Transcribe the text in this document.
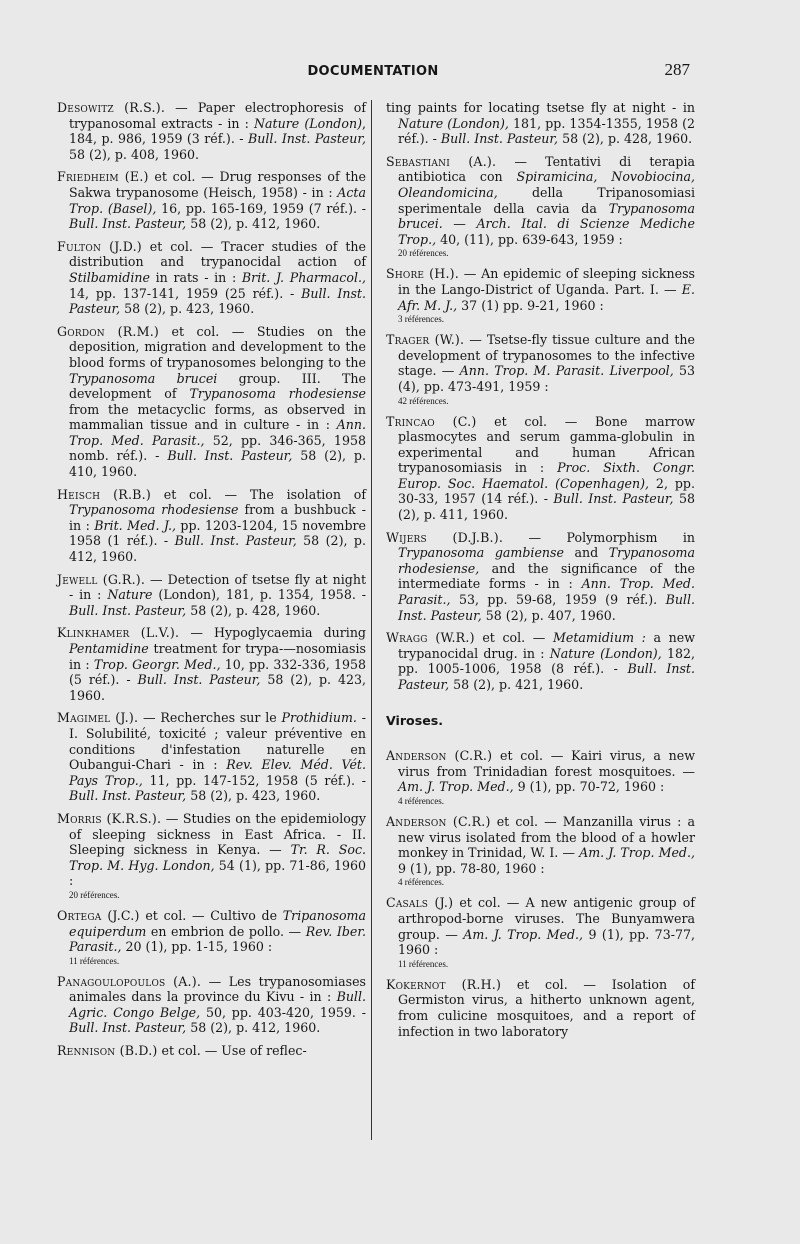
DOCUMENTATION	287

Desowitz (R.S.). — Paper electrophoresis of trypanosomal extracts - in : Nature (London), 184, p. 986, 1959 (3 réf.). - Bull. Inst. Pasteur, 58 (2), p. 408, 1960.

Friedheim (E.) et col. — Drug responses of the Sakwa trypanosome (Heisch, 1958) - in : Acta Trop. (Basel), 16, pp. 165-169, 1959 (7 réf.). - Bull. Inst. Pasteur, 58 (2), p. 412, 1960.

Fulton (J.D.) et col. — Tracer studies of the distribution and trypanocidal action of Stilbamidine in rats - in : Brit. J. Pharmacol., 14, pp. 137-141, 1959 (25 réf.). - Bull. Inst. Pasteur, 58 (2), p. 423, 1960.

Gordon (R.M.) et col. — Studies on the deposition, migration and development to the blood forms of trypanosomes belonging to the Trypanosoma brucei group. III. The development of Trypanosoma rhodesiense from the metacyclic forms, as observed in mammalian tissue and in culture - in : Ann. Trop. Med. Parasit., 52, pp. 346-365, 1958 nomb. réf.). - Bull. Inst. Pasteur, 58 (2), p. 410, 1960.

Heisch (R.B.) et col. — The isolation of Trypanosoma rhodesiense from a bushbuck - in : Brit. Med. J., pp. 1203-1204, 15 novembre 1958 (1 réf.). - Bull. Inst. Pasteur, 58 (2), p. 412, 1960.

Jewell (G.R.). — Detection of tsetse fly at night - in : Nature (London), 181, p. 1354, 1958. - Bull. Inst. Pasteur, 58 (2), p. 428, 1960.

Klinkhamer (L.V.). — Hypoglycaemia during Pentamidine treatment for trypa-—nosomiasis in : Trop. Georgr. Med., 10, pp. 332-336, 1958 (5 réf.). - Bull. Inst. Pasteur, 58 (2), p. 423, 1960.

Magimel (J.). — Recherches sur le Prothidium. - I. Solubilité, toxicité ; valeur préventive en conditions d'infestation naturelle en Oubangui-Chari - in : Rev. Elev. Méd. Vét. Pays Trop., 11, pp. 147-152, 1958 (5 réf.). - Bull. Inst. Pasteur, 58 (2), p. 423, 1960.

Morris (K.R.S.). — Studies on the epidemiology of sleeping sickness in East Africa. - II. Sleeping sickness in Kenya. — Tr. R. Soc. Trop. M. Hyg. London, 54 (1), pp. 71-86, 1960 :

20 références.

Ortega (J.C.) et col. — Cultivo de Tripanosoma equiperdum en embrion de pollo. — Rev. Iber. Parasit., 20 (1), pp. 1-15, 1960 :

11 références.

Panagoulopoulos (A.). — Les trypanosomiases animales dans la province du Kivu - in : Bull. Agric. Congo Belge, 50, pp. 403-420, 1959. - Bull. Inst. Pasteur, 58 (2), p. 412, 1960.

Rennison (B.D.) et col. — Use of reflec-

ting paints for locating tsetse fly at night - in Nature (London), 181, pp. 1354-1355, 1958 (2 réf.). - Bull. Inst. Pasteur, 58 (2), p. 428, 1960.

Sebastiani (A.). — Tentativi di terapia antibiotica con Spiramicina, Novobiocina, Oleandomicina, della Tripanosomiasi sperimentale della cavia da Trypanosoma brucei. — Arch. Ital. di Scienze Mediche Trop., 40, (11), pp. 639-643, 1959 :

20 références.

Shore (H.). — An epidemic of sleeping sickness in the Lango-District of Uganda. Part. I. — E. Afr. M. J., 37 (1) pp. 9-21, 1960 :

3 références.

Trager (W.). — Tsetse-fly tissue culture and the development of trypanosomes to the infective stage. — Ann. Trop. M. Parasit. Liverpool, 53 (4), pp. 473-491, 1959 :

42 références.

Trincao (C.) et col. — Bone marrow plasmocytes and serum gamma-globulin in experimental and human African trypanosomiasis in : Proc. Sixth. Congr. Europ. Soc. Haematol. (Copenhagen), 2, pp. 30-33, 1957 (14 réf.). - Bull. Inst. Pasteur, 58 (2), p. 411, 1960.

Wijers (D.J.B.). — Polymorphism in Trypanosoma gambiense and Trypanosoma rhodesiense, and the significance of the intermediate forms - in : Ann. Trop. Med. Parasit., 53, pp. 59-68, 1959 (9 réf.). Bull. Inst. Pasteur, 58 (2), p. 407, 1960.

Wragg (W.R.) et col. — Metamidium : a new trypanocidal drug. in : Nature (London), 182, pp. 1005-1006, 1958 (8 réf.). - Bull. Inst. Pasteur, 58 (2), p. 421, 1960.

Viroses.

Anderson (C.R.) et col. — Kairi virus, a new virus from Trinidadian forest mosquitoes. — Am. J. Trop. Med., 9 (1), pp. 70-72, 1960 :

4 références.

Anderson (C.R.) et col. — Manzanilla virus : a new virus isolated from the blood of a howler monkey in Trinidad, W. I. — Am. J. Trop. Med., 9 (1), pp. 78-80, 1960 :

4 références.

Casals (J.) et col. — A new antigenic group of arthropod-borne viruses. The Bunyamwera group. — Am. J. Trop. Med., 9 (1), pp. 73-77, 1960 :

11 références.

Kokernot (R.H.) et col. — Isolation of Germiston virus, a hitherto unknown agent, from culicine mosquitoes, and a report of infection in two laboratory
